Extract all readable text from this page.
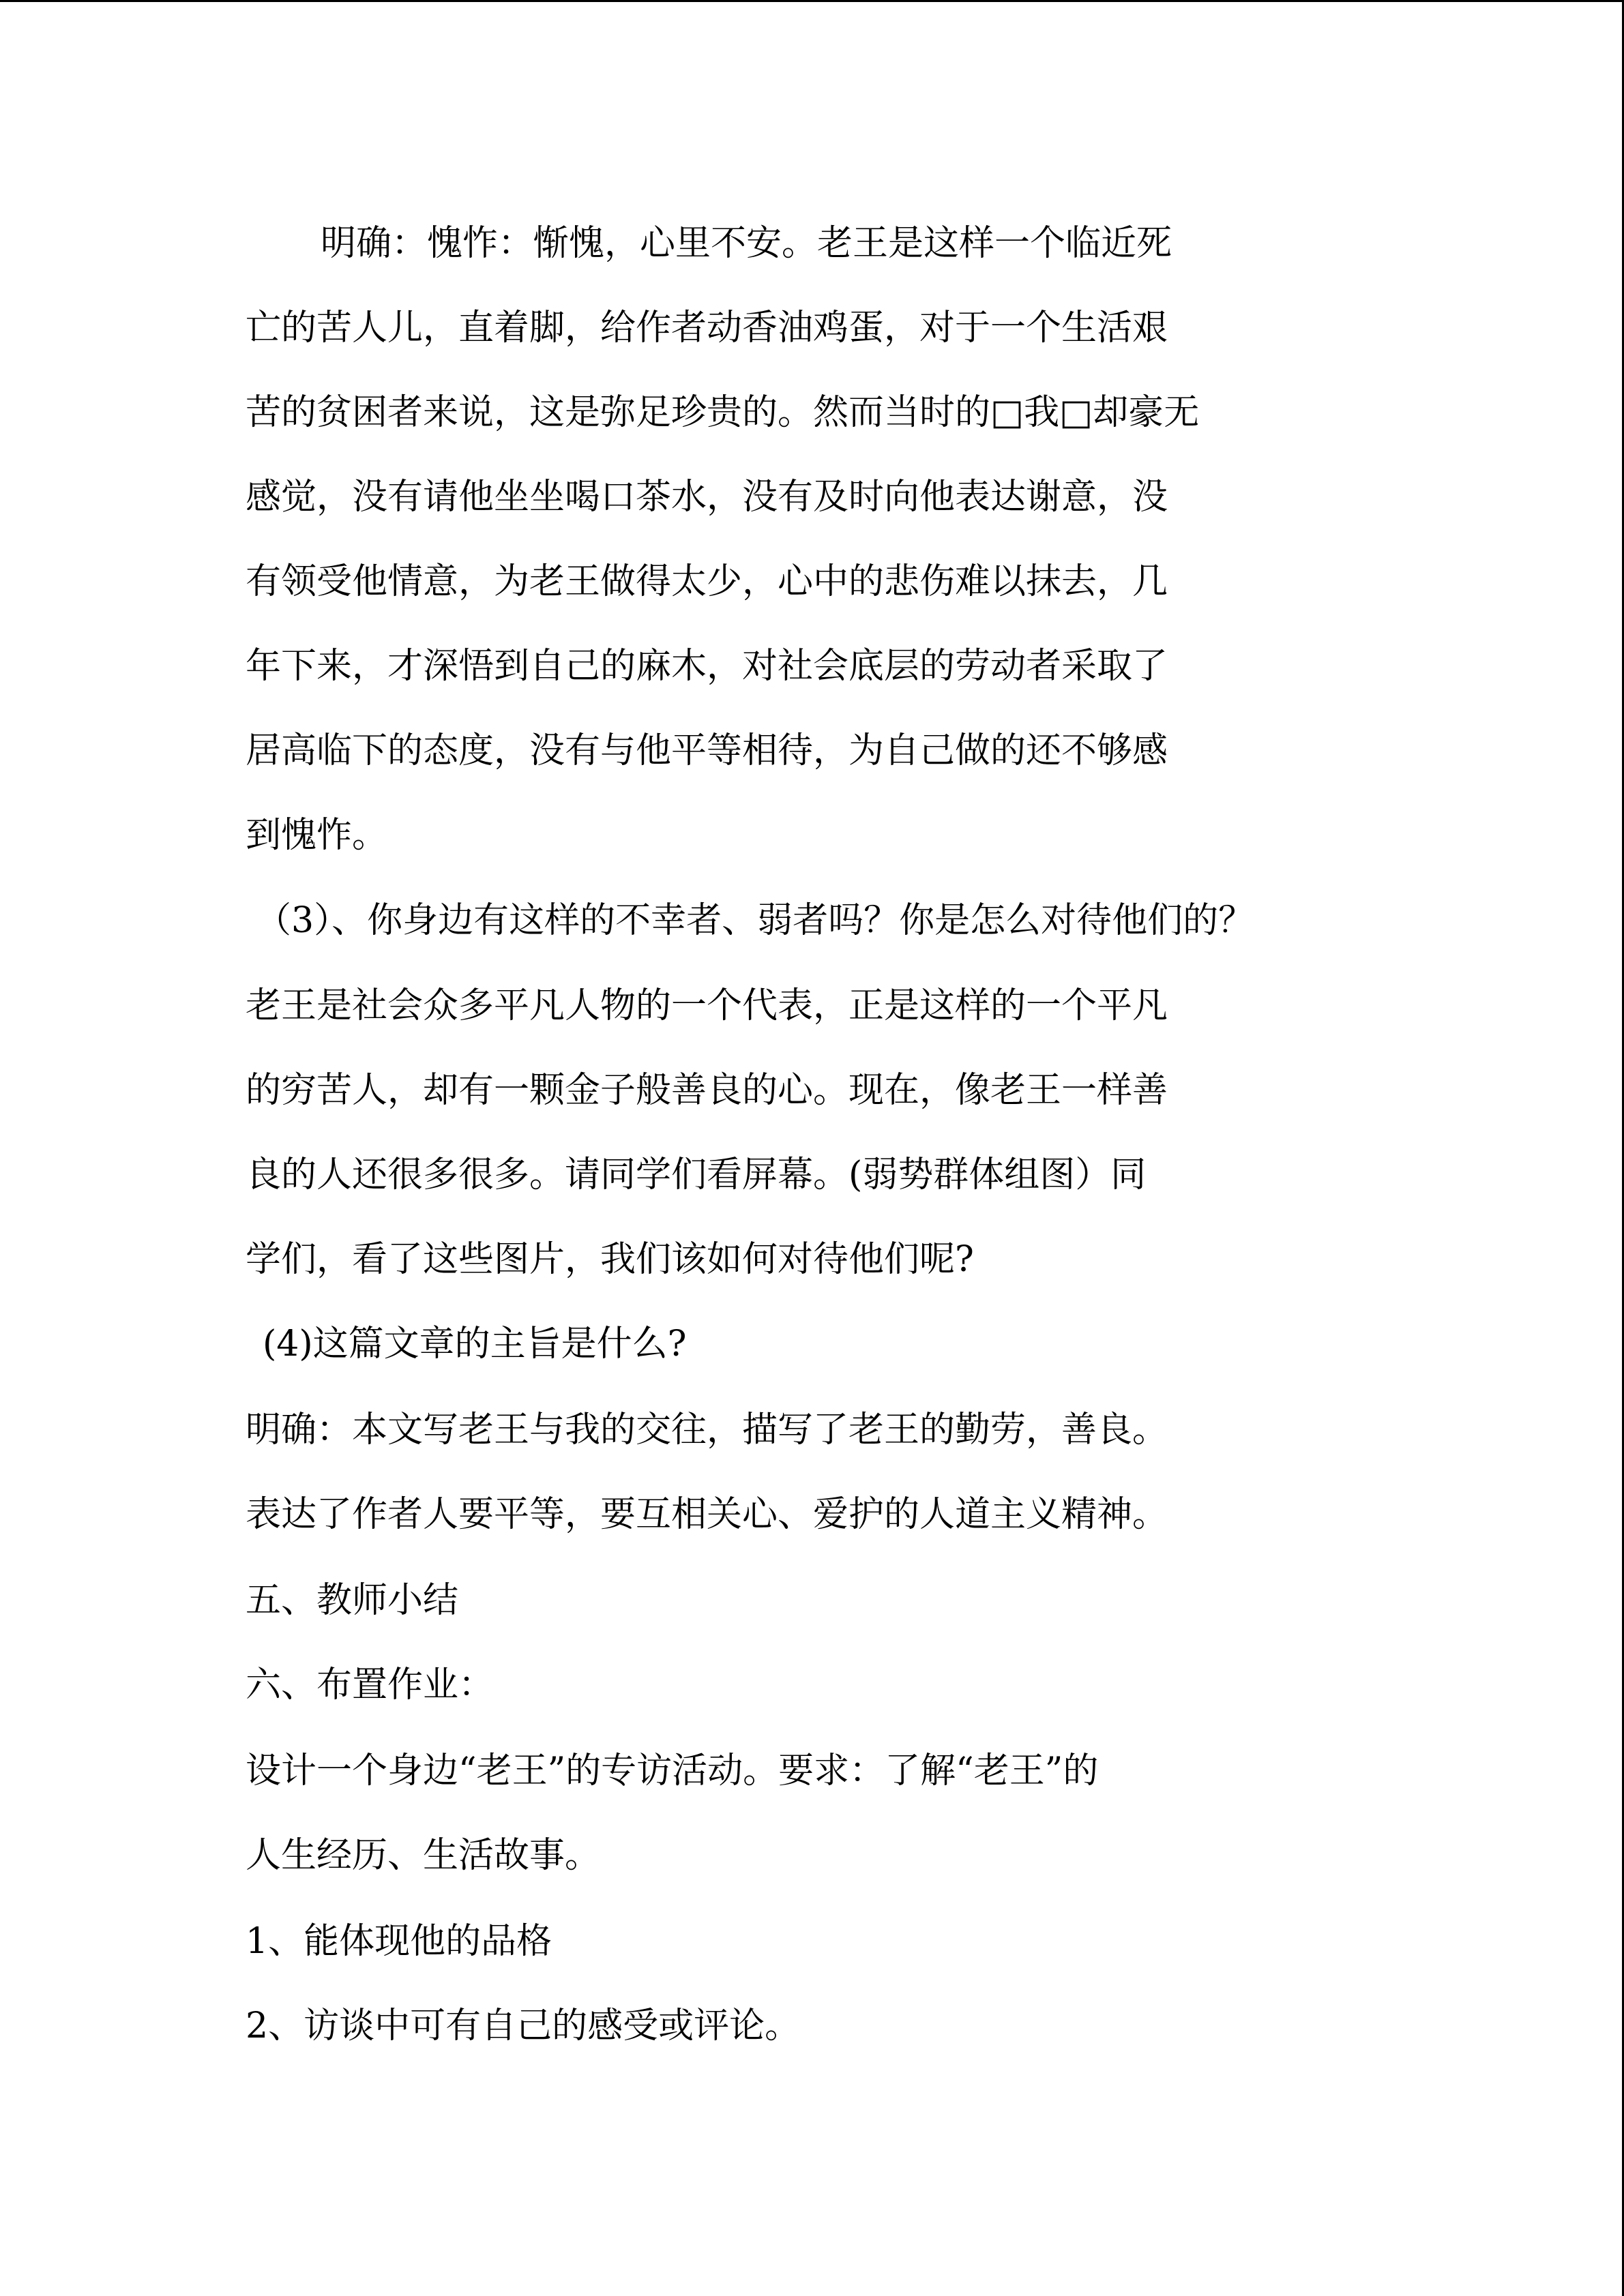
明确：愧怍：惭愧，心里不安。老王是这样一个临近死

亡的苦人儿，直着脚，给作者动香油鸡蛋，对于一个生活艰

苦的贫困者来说，这是弥足珍贵的。然而当时的□我□却豪无

感觉，没有请他坐坐喝口茶水，没有及时向他表达谢意，没

有领受他情意，为老王做得太少，心中的悲伤难以抹去，几

年下来，才深悟到自己的麻木，对社会底层的劳动者采取了

居高临下的态度，没有与他平等相待，为自己做的还不够感

到愧怍。

（3）、你身边有这样的不幸者、弱者吗？你是怎么对待他们的？

老王是社会众多平凡人物的一个代表，正是这样的一个平凡

的穷苦人，却有一颗金子般善良的心。现在，像老王一样善

良的人还很多很多。请同学们看屏幕。(弱势群体组图）同

学们，看了这些图片，我们该如何对待他们呢?

(4)这篇文章的主旨是什么?

明确：本文写老王与我的交往，描写了老王的勤劳，善良。

表达了作者人要平等，要互相关心、爱护的人道主义精神。

五、教师小结

六、布置作业：

设计一个身边“老王”的专访活动。要求：了解“老王”的

人生经历、生活故事。

1、能体现他的品格

2、访谈中可有自己的感受或评论。
